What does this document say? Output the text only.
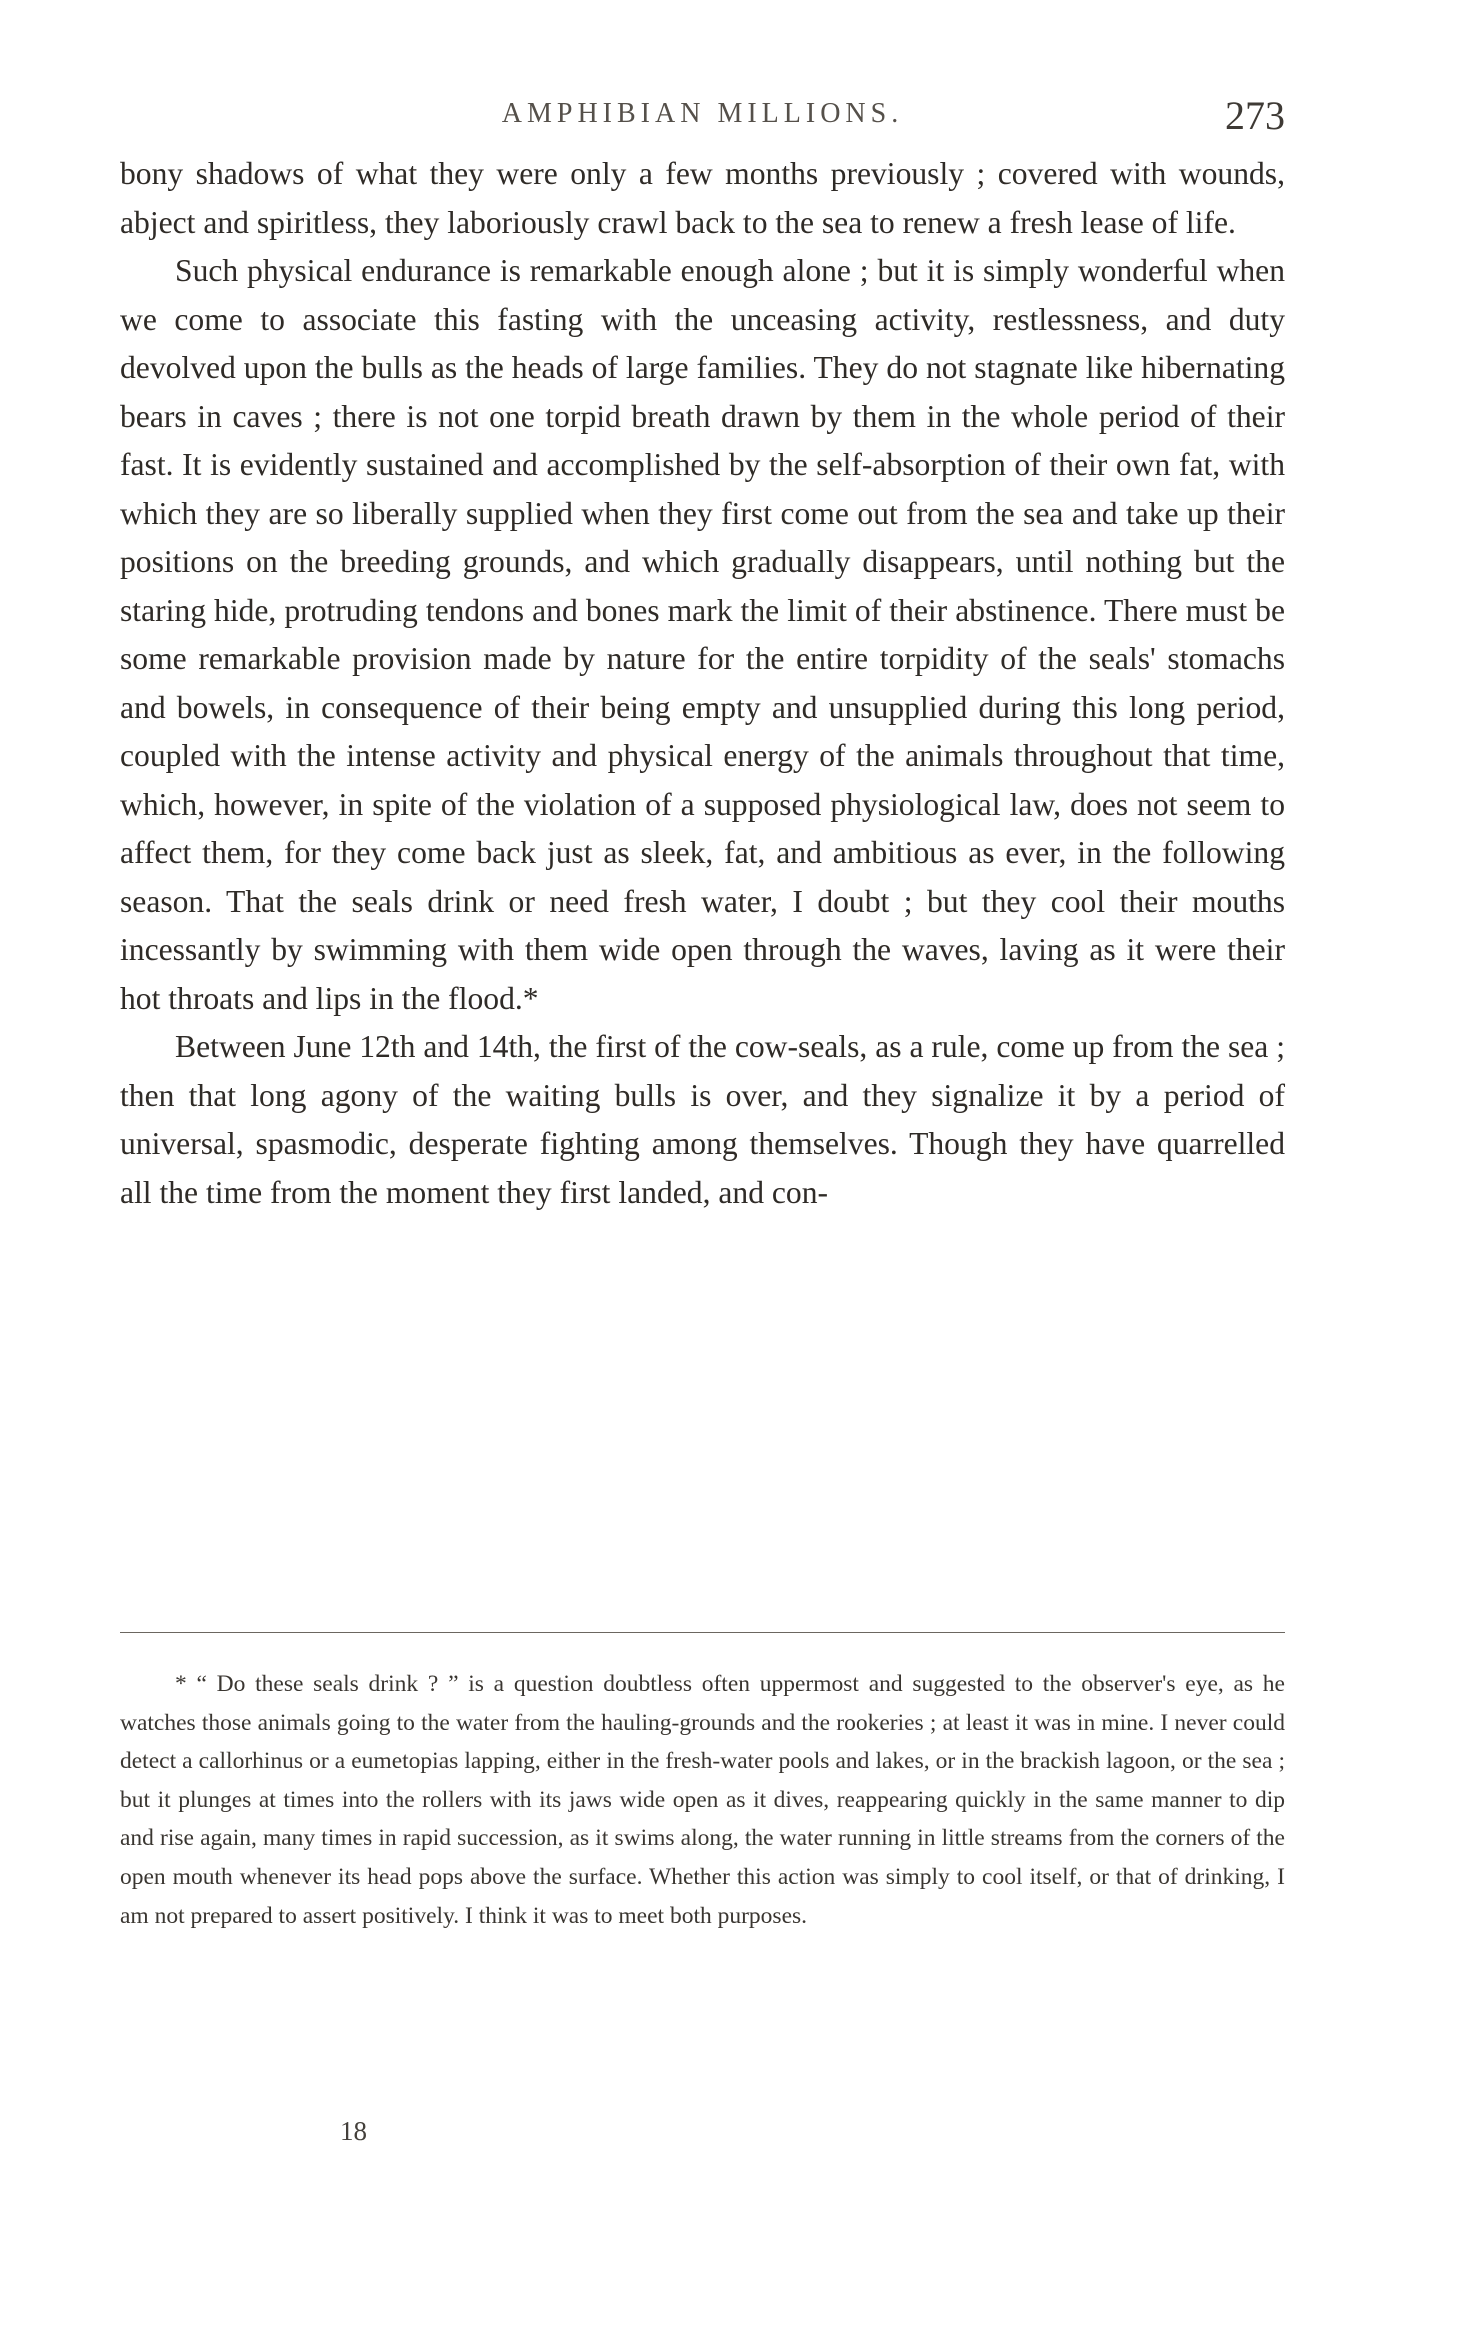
AMPHIBIAN MILLIONS.	273

bony shadows of what they were only a few months previously ; covered with wounds, abject and spiritless, they laboriously crawl back to the sea to renew a fresh lease of life.

Such physical endurance is remarkable enough alone ; but it is simply wonderful when we come to associate this fasting with the unceasing activity, restlessness, and duty devolved upon the bulls as the heads of large families. They do not stagnate like hibernating bears in caves ; there is not one torpid breath drawn by them in the whole period of their fast. It is evidently sustained and accomplished by the self-absorption of their own fat, with which they are so liberally supplied when they first come out from the sea and take up their positions on the breeding grounds, and which gradually disappears, until nothing but the staring hide, protruding tendons and bones mark the limit of their abstinence. There must be some remarkable provision made by nature for the entire torpidity of the seals' stomachs and bowels, in consequence of their being empty and unsupplied during this long period, coupled with the intense activity and physical energy of the animals throughout that time, which, however, in spite of the violation of a supposed physiological law, does not seem to affect them, for they come back just as sleek, fat, and ambitious as ever, in the following season. That the seals drink or need fresh water, I doubt ; but they cool their mouths incessantly by swimming with them wide open through the waves, laving as it were their hot throats and lips in the flood.*

Between June 12th and 14th, the first of the cow-seals, as a rule, come up from the sea ; then that long agony of the waiting bulls is over, and they signalize it by a period of universal, spasmodic, desperate fighting among themselves. Though they have quarrelled all the time from the moment they first landed, and con-

* “ Do these seals drink ? ” is a question doubtless often uppermost and suggested to the observer's eye, as he watches those animals going to the water from the hauling-grounds and the rookeries ; at least it was in mine. I never could detect a callorhinus or a eumetopias lapping, either in the fresh-water pools and lakes, or in the brackish lagoon, or the sea ; but it plunges at times into the rollers with its jaws wide open as it dives, reappearing quickly in the same manner to dip and rise again, many times in rapid succession, as it swims along, the water running in little streams from the corners of the open mouth whenever its head pops above the surface. Whether this action was simply to cool itself, or that of drinking, I am not prepared to assert positively. I think it was to meet both purposes.

18
